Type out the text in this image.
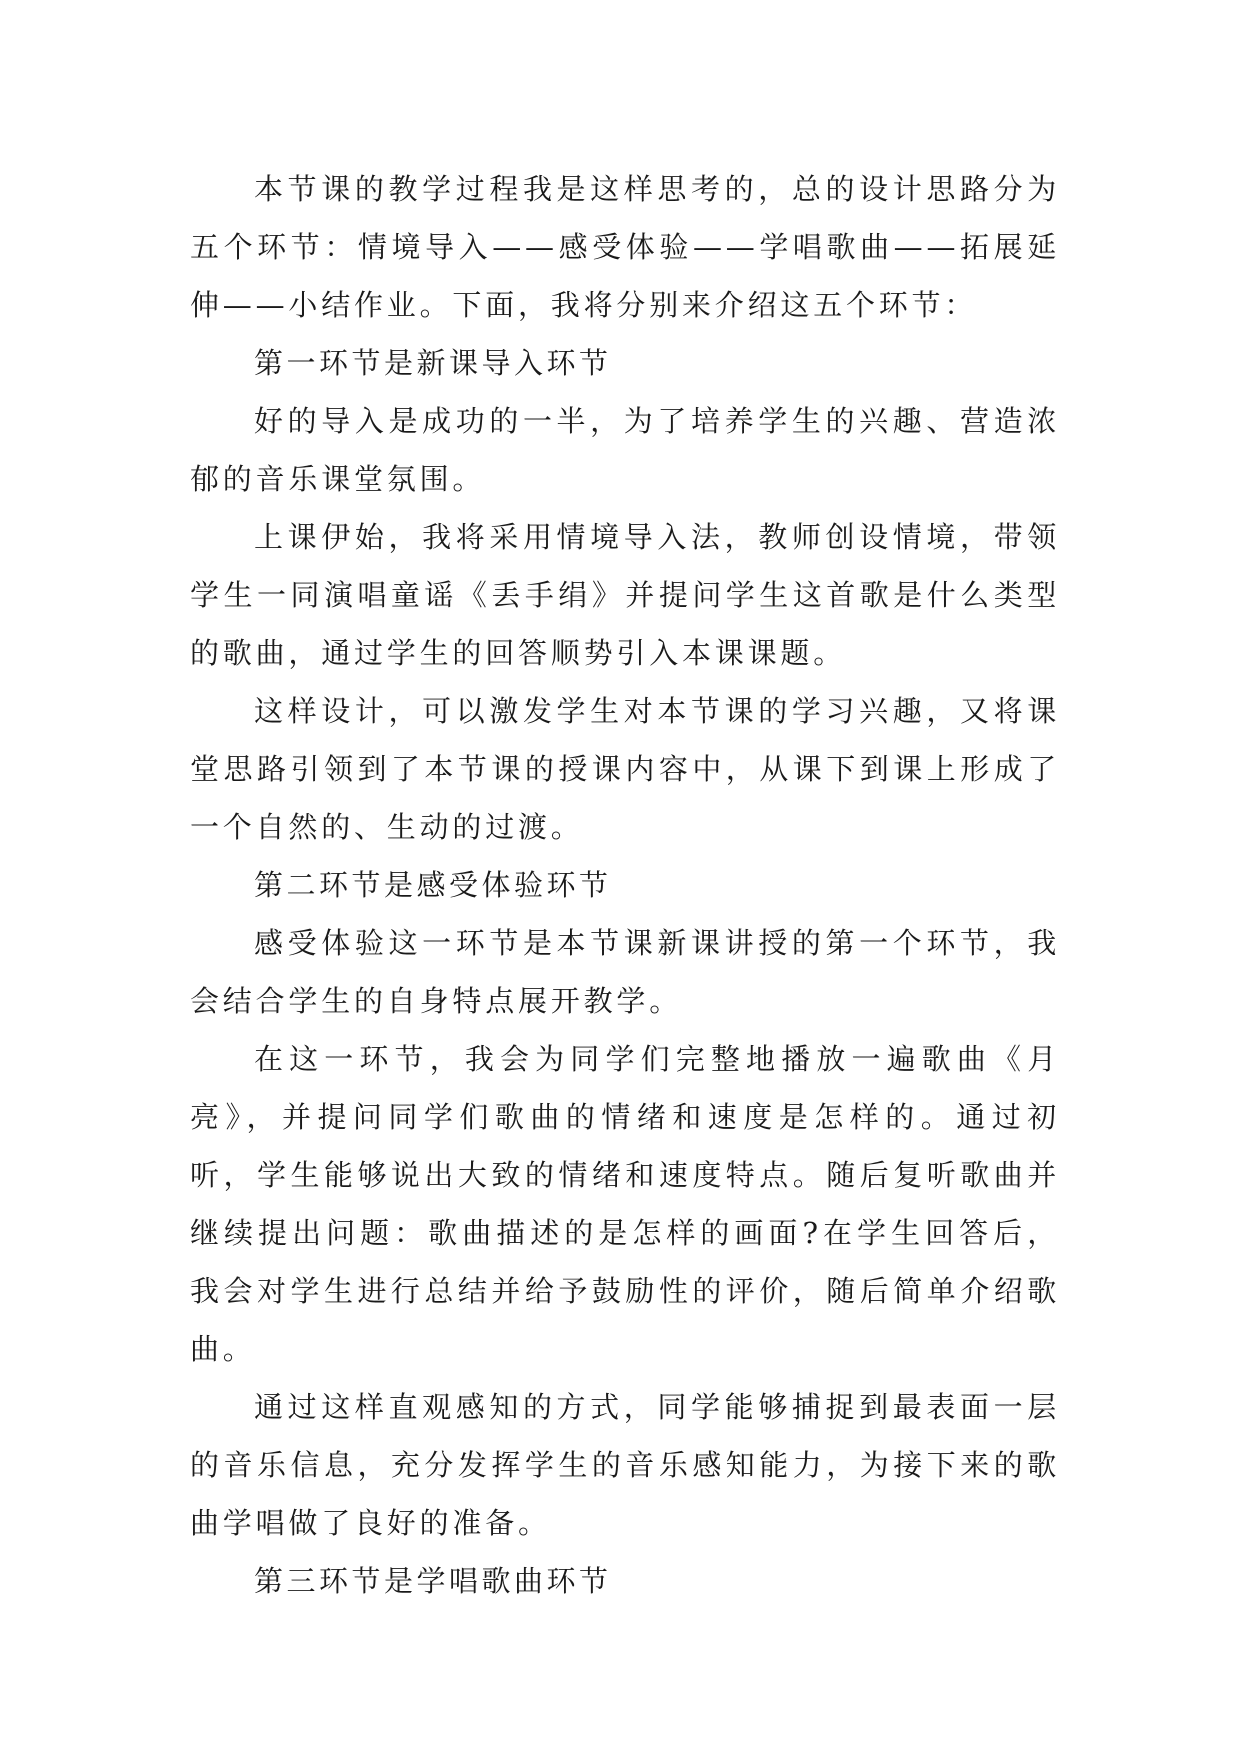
本节课的教学过程我是这样思考的，总的设计思路分为五个环节：情境导入——感受体验——学唱歌曲——拓展延伸——小结作业。下面，我将分别来介绍这五个环节：

第一环节是新课导入环节

好的导入是成功的一半，为了培养学生的兴趣、营造浓郁的音乐课堂氛围。

上课伊始，我将采用情境导入法，教师创设情境，带领学生一同演唱童谣《丢手绢》并提问学生这首歌是什么类型的歌曲，通过学生的回答顺势引入本课课题。

这样设计，可以激发学生对本节课的学习兴趣，又将课堂思路引领到了本节课的授课内容中，从课下到课上形成了一个自然的、生动的过渡。

第二环节是感受体验环节

感受体验这一环节是本节课新课讲授的第一个环节，我会结合学生的自身特点展开教学。

在这一环节，我会为同学们完整地播放一遍歌曲《月亮》，并提问同学们歌曲的情绪和速度是怎样的。通过初听，学生能够说出大致的情绪和速度特点。随后复听歌曲并继续提出问题：歌曲描述的是怎样的画面?在学生回答后，我会对学生进行总结并给予鼓励性的评价，随后简单介绍歌曲。

通过这样直观感知的方式，同学能够捕捉到最表面一层的音乐信息，充分发挥学生的音乐感知能力，为接下来的歌曲学唱做了良好的准备。

第三环节是学唱歌曲环节
